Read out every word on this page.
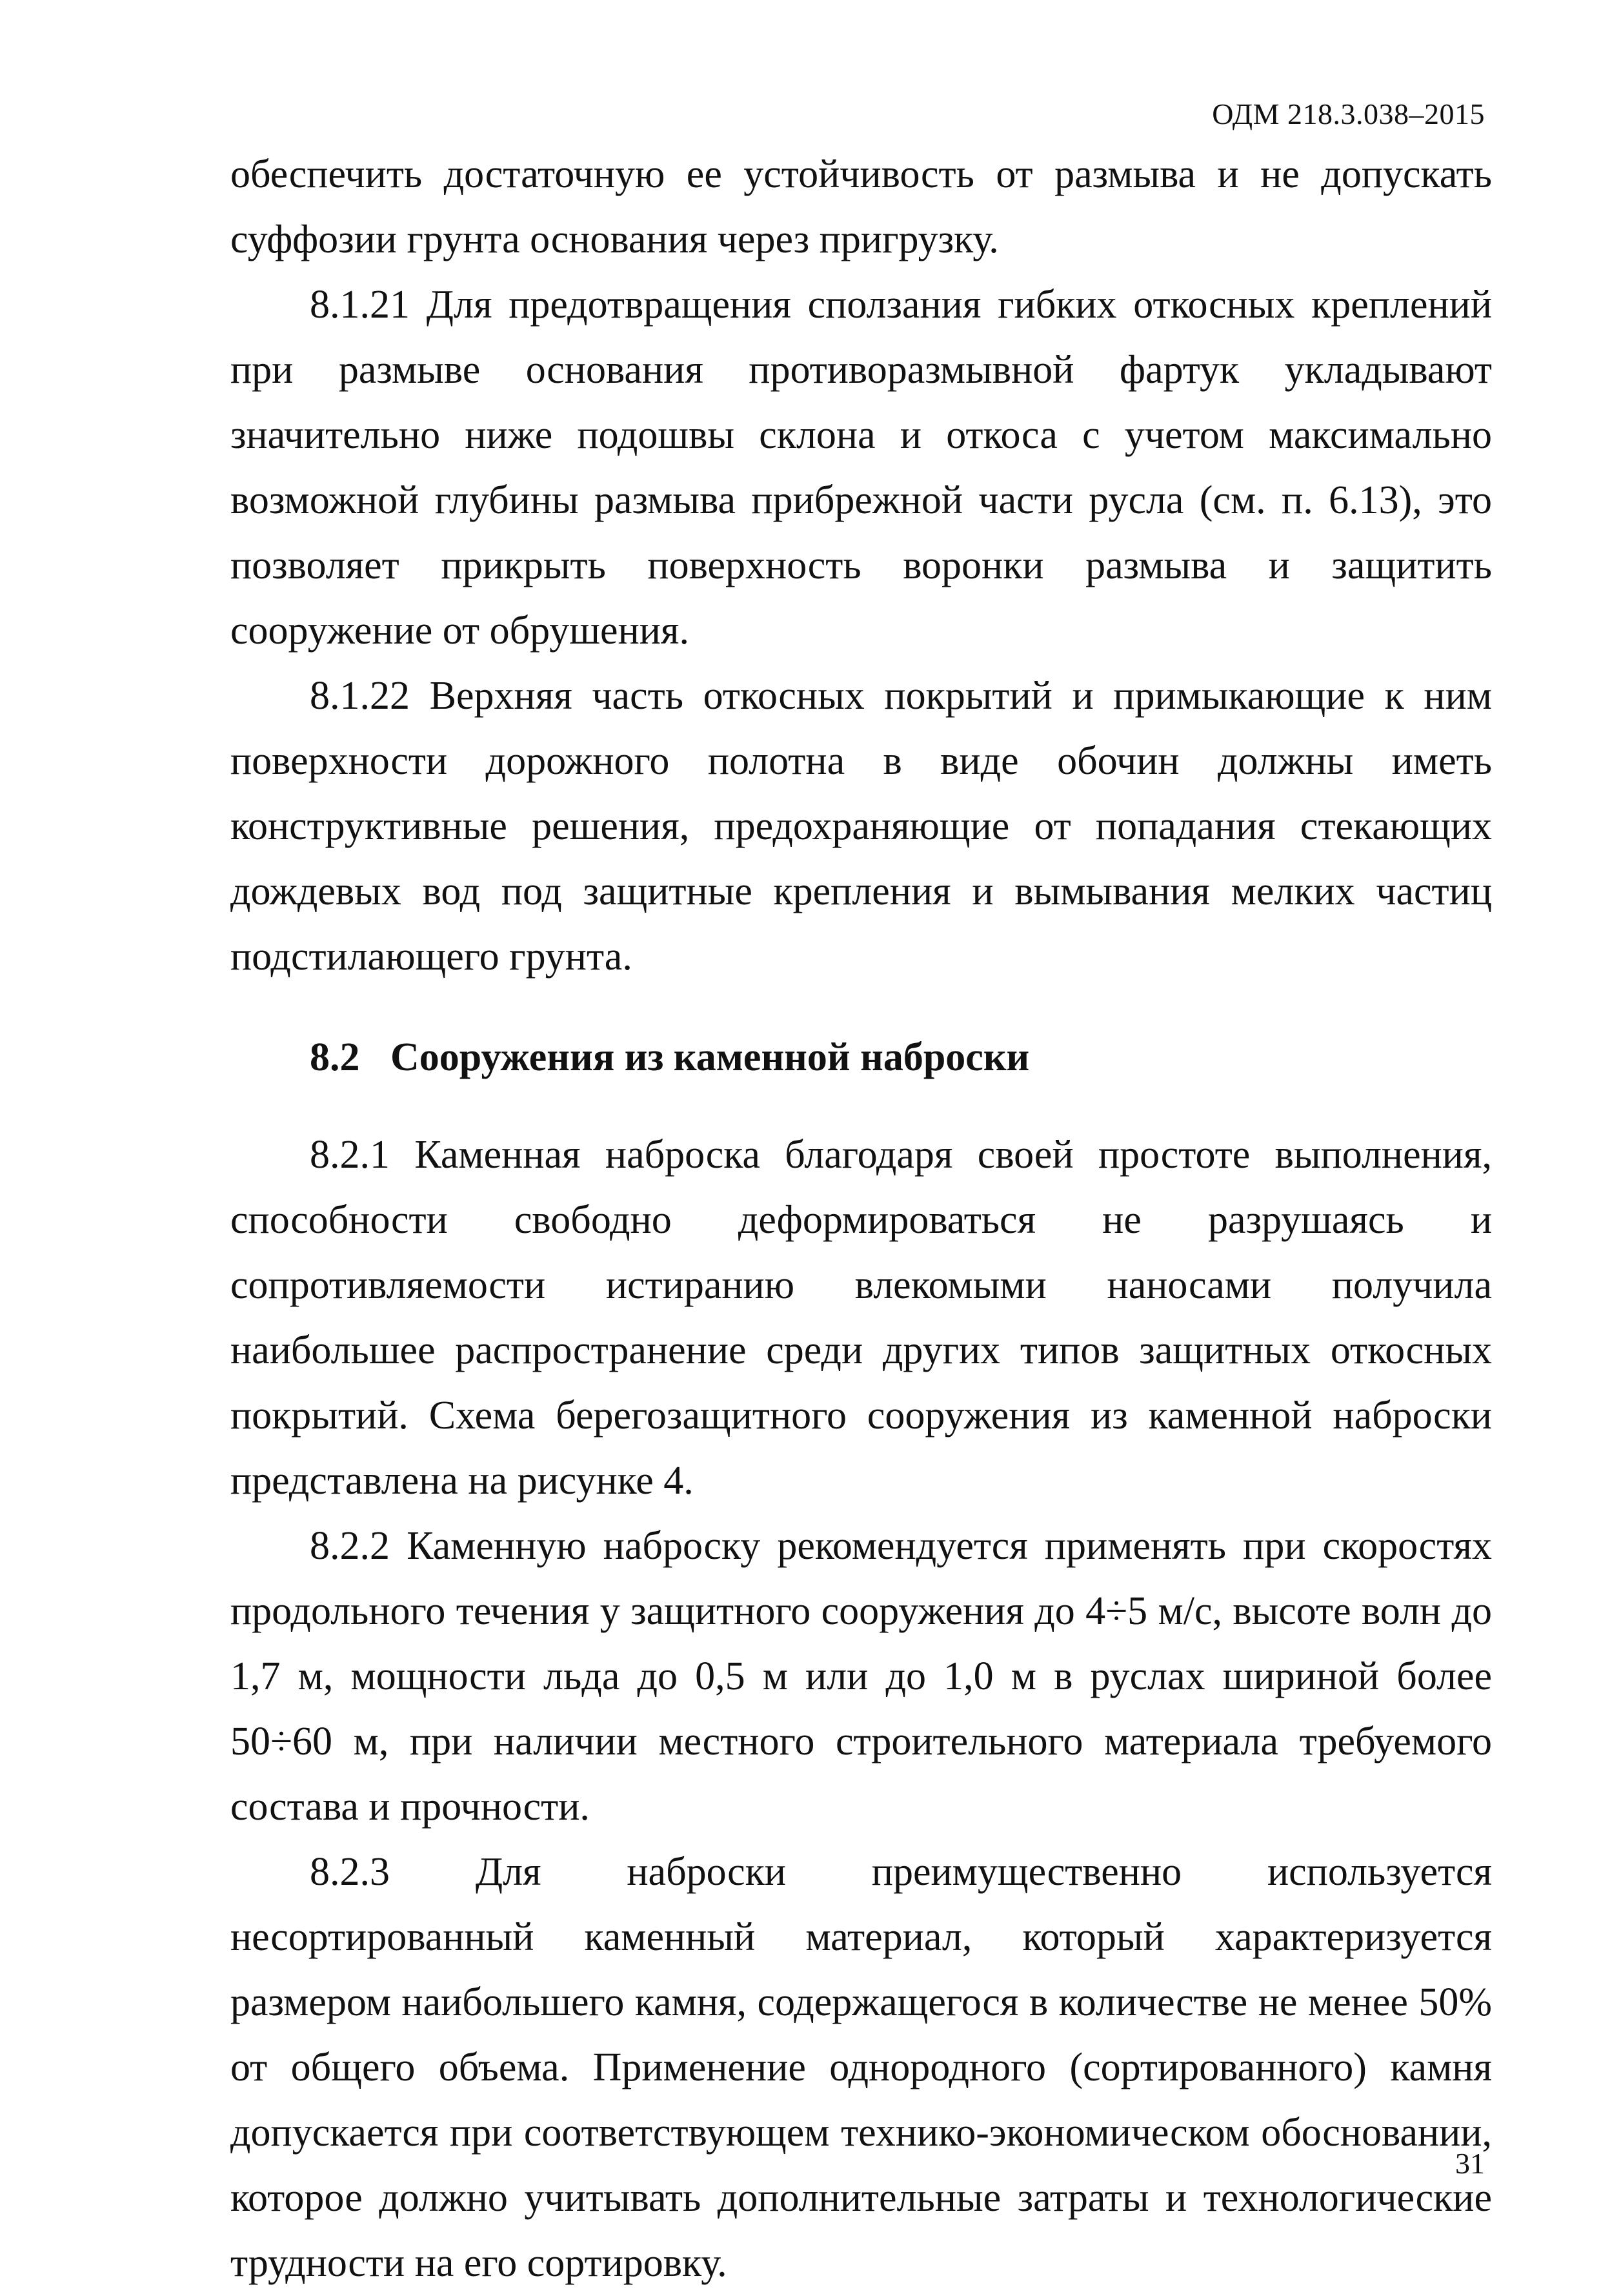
ОДМ 218.3.038–2015

обеспечить достаточную ее устойчивость от размыва и не допускать суффозии грунта основания через пригрузку.

8.1.21 Для предотвращения сползания гибких откосных креплений при размыве основания противоразмывной фартук укладывают значительно ниже подошвы склона и откоса с учетом максимально возможной глубины размыва прибрежной части русла (см. п. 6.13), это позволяет прикрыть поверхность воронки размыва и защитить сооружение от обрушения.

8.1.22 Верхняя часть откосных покрытий и примыкающие к ним поверхности дорожного полотна в виде обочин должны иметь конструктивные решения, предохраняющие от попадания стекающих дождевых вод под защитные крепления и вымывания мелких частиц подстилающего грунта.

8.2 Сооружения из каменной наброски

8.2.1 Каменная наброска благодаря своей простоте выполнения, способности свободно деформироваться не разрушаясь и сопротивляемости истиранию влекомыми наносами получила наибольшее распространение среди других типов защитных откосных покрытий. Схема берегозащитного сооружения из каменной наброски представлена на рисунке 4.

8.2.2 Каменную наброску рекомендуется применять при скоростях продольного течения у защитного сооружения до 4÷5 м/с, высоте волн до 1,7 м, мощности льда до 0,5 м или до 1,0 м в руслах шириной более 50÷60 м, при наличии местного строительного материала требуемого состава и прочности.

8.2.3 Для наброски преимущественно используется несортированный каменный материал, который характеризуется размером наибольшего камня, содержащегося в количестве не менее 50% от общего объема. Применение однородного (сортированного) камня допускается при соответствующем технико-экономическом обосновании, которое должно учитывать дополнительные затраты и технологические трудности на его сортировку.

31
